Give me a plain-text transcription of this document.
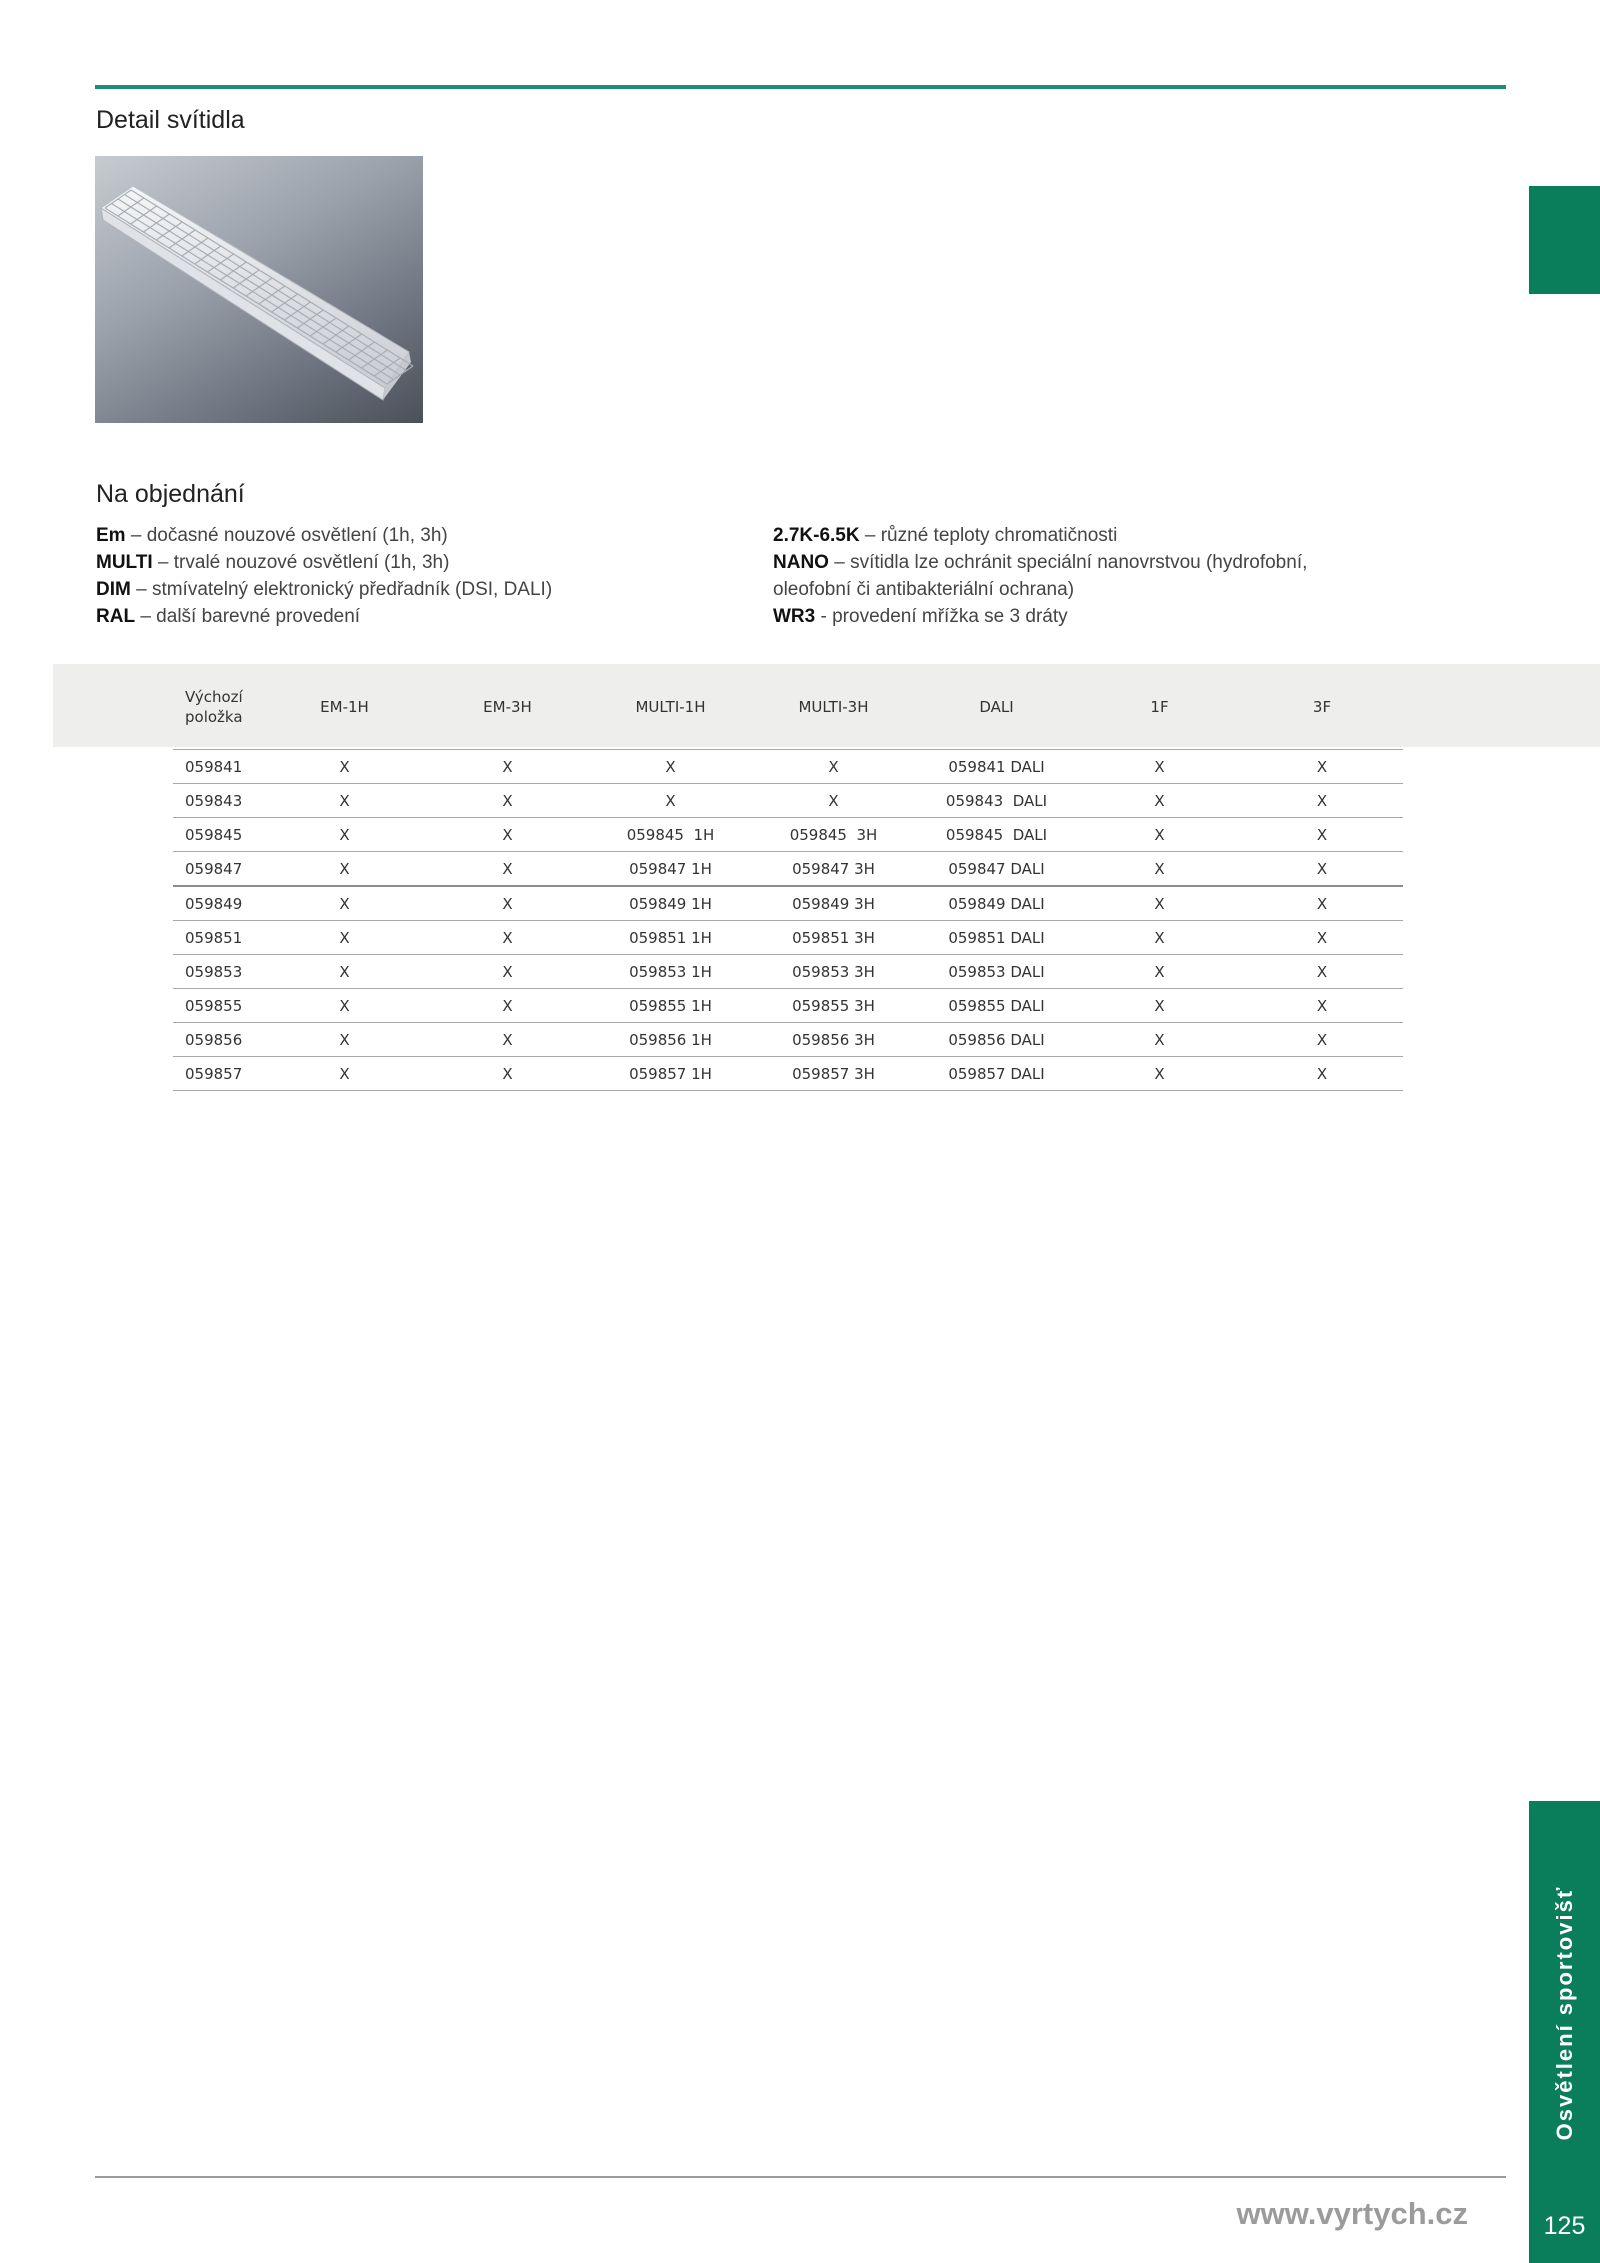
Detail svítidla
Na objednání
Em – dočasné nouzové osvětlení (1h, 3h)
MULTI – trvalé nouzové osvětlení (1h, 3h)
DIM – stmívatelný elektronický předřadník (DSI, DALI)
RAL – další barevné provedení
2.7K-6.5K – různé teploty chromatičnosti
NANO – svítidla lze ochránit speciální nanovrstvou (hydrofobní,
oleofobní či antibakteriální ochrana)
WR3 - provedení mřížka se 3 dráty
Výchozí
položka	EM-1H	EM-3H	MULTI-1H	MULTI-3H	DALI	1F	3F
059841	X	X	X	X	059841 DALI	X	X
059843	X	X	X	X	059843  DALI	X	X
059845	X	X	059845  1H	059845  3H	059845  DALI	X	X
059847	X	X	059847 1H	059847 3H	059847 DALI	X	X
059849	X	X	059849 1H	059849 3H	059849 DALI	X	X
059851	X	X	059851 1H	059851 3H	059851 DALI	X	X
059853	X	X	059853 1H	059853 3H	059853 DALI	X	X
059855	X	X	059855 1H	059855 3H	059855 DALI	X	X
059856	X	X	059856 1H	059856 3H	059856 DALI	X	X
059857	X	X	059857 1H	059857 3H	059857 DALI	X	X
www.vyrtych.cz
Osvětlení sportovišť
125
